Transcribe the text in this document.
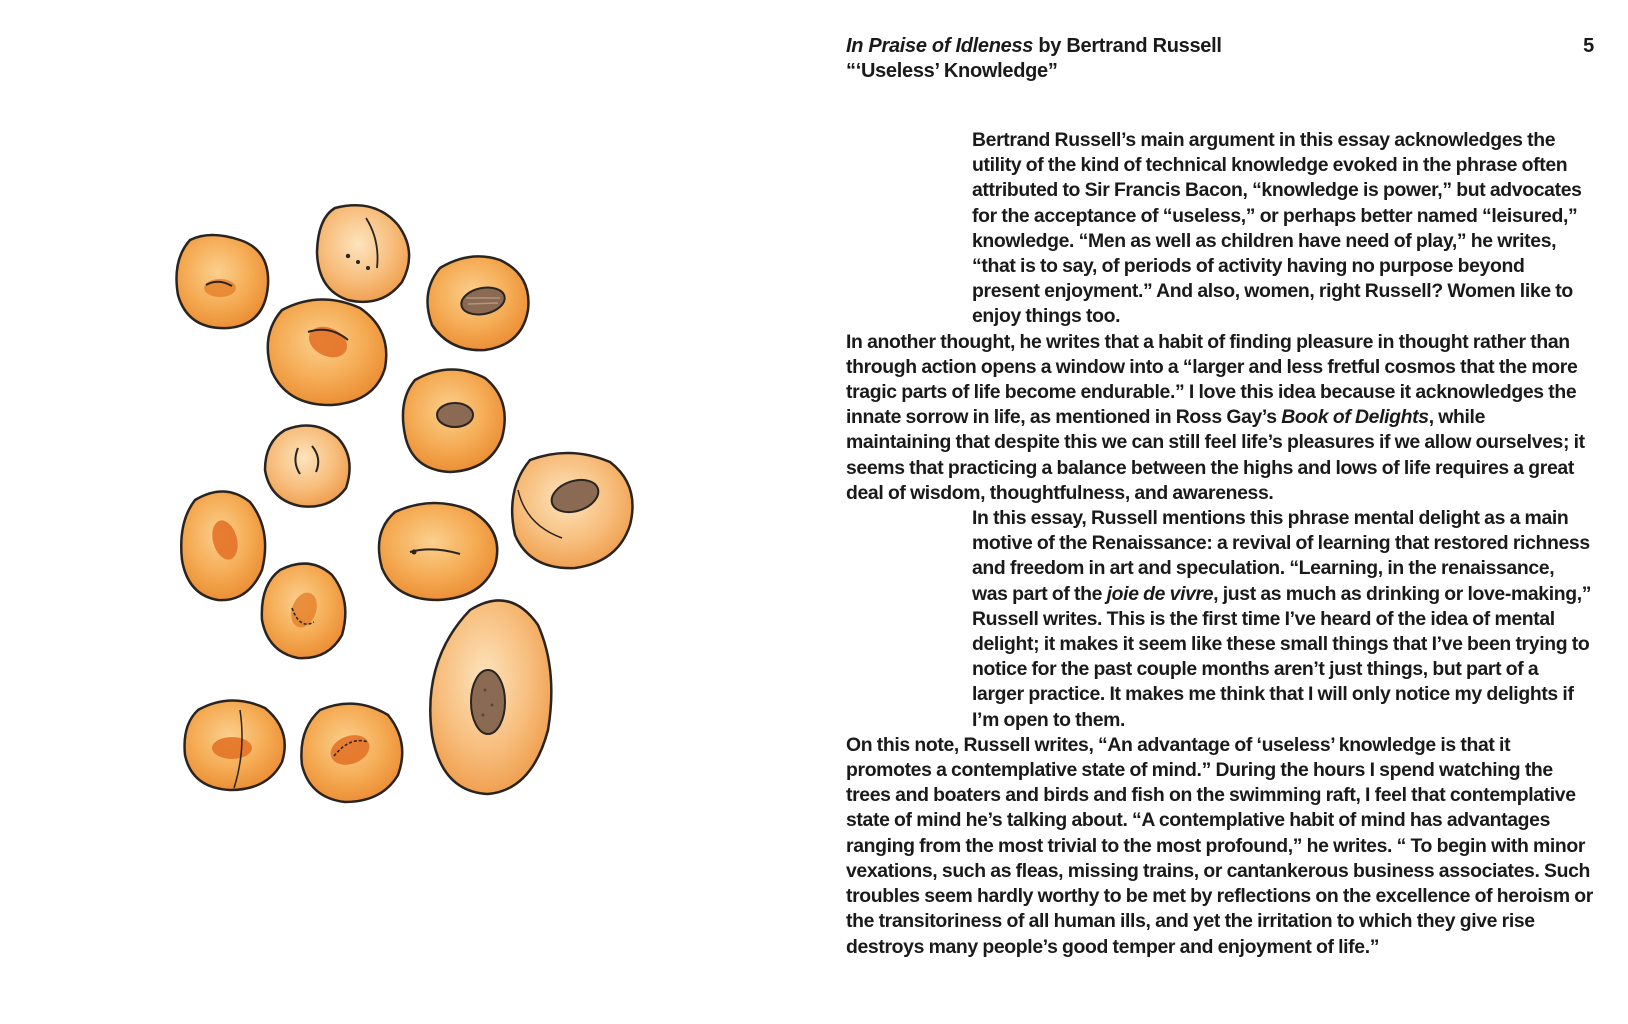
In Praise of Idleness by Bertrand Russell
“‘Useless’ Knowledge”
5

Bertrand Russell’s main argument in this essay acknowledges the utility of the kind of technical knowledge evoked in the phrase often attributed to Sir Francis Bacon, “knowledge is power,” but advocates for the acceptance of “useless,” or perhaps better named “leisured,” knowledge. “Men as well as children have need of play,” he writes, “that is to say, of periods of activity having no purpose beyond present enjoyment.” And also, women, right Russell? Women like to enjoy things too.

In another thought, he writes that a habit of finding pleasure in thought rather than through action opens a window into a “larger and less fretful cosmos that the more tragic parts of life become endurable.” I love this idea because it acknowledges the innate sorrow in life, as mentioned in Ross Gay’s Book of Delights, while maintaining that despite this we can still feel life’s pleasures if we allow ourselves; it seems that practicing a balance between the highs and lows of life requires a great deal of wisdom, thoughtfulness, and awareness.

In this essay, Russell mentions this phrase mental delight as a main motive of the Renaissance: a revival of learning that restored richness and freedom in art and speculation. “Learning, in the renaissance, was part of the joie de vivre, just as much as drinking or love-making,” Russell writes. This is the first time I’ve heard of the idea of mental delight; it makes it seem like these small things that I’ve been trying to notice for the past couple months aren’t just things, but part of a larger practice. It makes me think that I will only notice my delights if I’m open to them.

On this note, Russell writes, “An advantage of ‘useless’ knowledge is that it promotes a contemplative state of mind.” During the hours I spend watching the trees and boaters and birds and fish on the swimming raft, I feel that contemplative state of mind he’s talking about. “A contemplative habit of mind has advantages ranging from the most trivial to the most profound,” he writes. “ To begin with minor vexations, such as fleas, missing trains, or cantankerous business associates. Such troubles seem hardly worthy to be met by reflections on the excellence of heroism or the transitoriness of all human ills, and yet the irritation to which they give rise destroys many people’s good temper and enjoyment of life.”
